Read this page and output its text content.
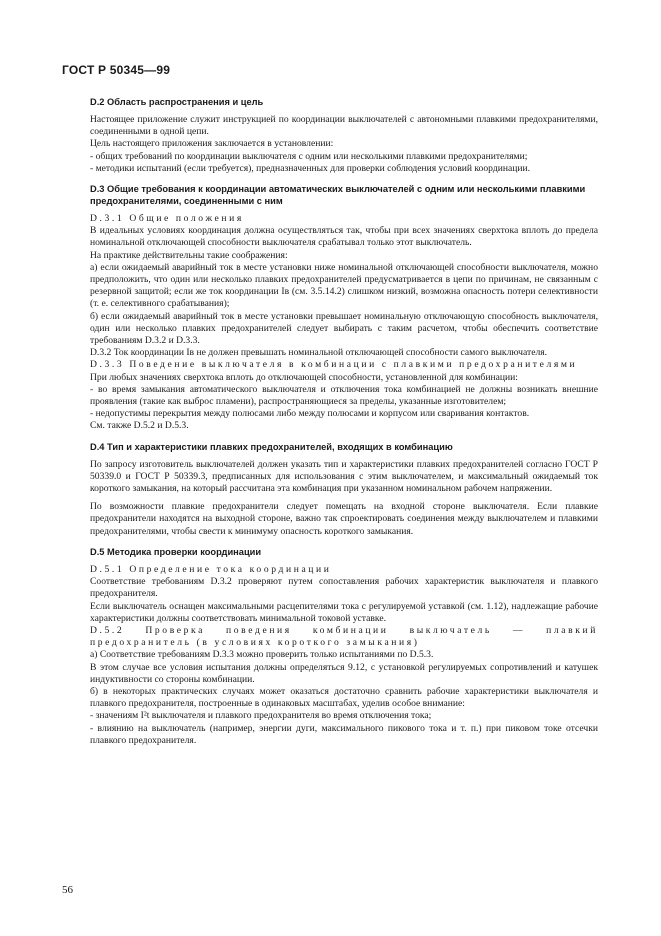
ГОСТ Р 50345—99
D.2 Область распространения и цель

Настоящее приложение служит инструкцией по координации выключателей с автономными плавкими предохранителями, соединенными в одной цепи.

Цель настоящего приложения заключается в установлении:

- общих требований по координации выключателя с одним или несколькими плавкими предохранителями;

- методики испытаний (если требуется), предназначенных для проверки соблюдения условий координации.

D.3 Общие требования к координации автоматических выключателей с одним или несколькими плавкими предохранителями, соединенными с ним

D.3.1 Общие положения

В идеальных условиях координация должна осуществляться так, чтобы при всех значениях сверхтока вплоть до предела номинальной отключающей способности выключателя срабатывал только этот выключатель.

На практике действительны такие соображения:

а) если ожидаемый аварийный ток в месте установки ниже номинальной отключающей способности выключателя, можно предположить, что один или несколько плавких предохранителей предусматривается в цепи по причинам, не связанным с резервной защитой; если же ток координации Iв (см. 3.5.14.2) слишком низкий, возможна опасность потери селективности (т. е. селективного срабатывания);

б) если ожидаемый аварийный ток в месте установки превышает номинальную отключающую способность выключателя, один или несколько плавких предохранителей следует выбирать с таким расчетом, чтобы обеспечить соответствие требованиям D.3.2 и D.3.3.

D.3.2 Ток координации Iв не должен превышать номинальной отключающей способности самого выключателя.

D.3.3 Поведение выключателя в комбинации с плавкими предохранителями

При любых значениях сверхтока вплоть до отключающей способности, установленной для комбинации:

- во время замыкания автоматического выключателя и отключения тока комбинацией не должны возникать внешние проявления (такие как выброс пламени), распространяющиеся за пределы, указанные изготовителем;

- недопустимы перекрытия между полюсами либо между полюсами и корпусом или сваривания контактов.

См. также D.5.2 и D.5.3.

D.4 Тип и характеристики плавких предохранителей, входящих в комбинацию

По запросу изготовитель выключателей должен указать тип и характеристики плавких предохранителей согласно ГОСТ Р 50339.0 и ГОСТ Р 50339.3, предписанных для использования с этим выключателем, и максимальный ожидаемый ток короткого замыкания, на который рассчитана эта комбинация при указанном номинальном рабочем напряжении.

По возможности плавкие предохранители следует помещать на входной стороне выключателя. Если плавкие предохранители находятся на выходной стороне, важно так спроектировать соединения между выключателем и плавкими предохранителями, чтобы свести к минимуму опасность короткого замыкания.

D.5 Методика проверки координации

D.5.1 Определение тока координации

Соответствие требованиям D.3.2 проверяют путем сопоставления рабочих характеристик выключателя и плавкого предохранителя.

Если выключатель оснащен максимальными расцепителями тока с регулируемой уставкой (см. 1.12), надлежащие рабочие характеристики должны соответствовать минимальной токовой уставке.

D.5.2 Проверка поведения комбинации выключатель — плавкий предохранитель (в условиях короткого замыкания)

а) Соответствие требованиям D.3.3 можно проверить только испытаниями по D.5.3.

В этом случае все условия испытания должны определяться 9.12, с установкой регулируемых сопротивлений и катушек индуктивности со стороны комбинации.

б) в некоторых практических случаях может оказаться достаточно сравнить рабочие характеристики выключателя и плавкого предохранителя, построенные в одинаковых масштабах, уделив особое внимание:

- значениям I²t выключателя и плавкого предохранителя во время отключения тока;

- влиянию на выключатель (например, энергии дуги, максимального пикового тока и т. п.) при пиковом токе отсечки плавкого предохранителя.

56
